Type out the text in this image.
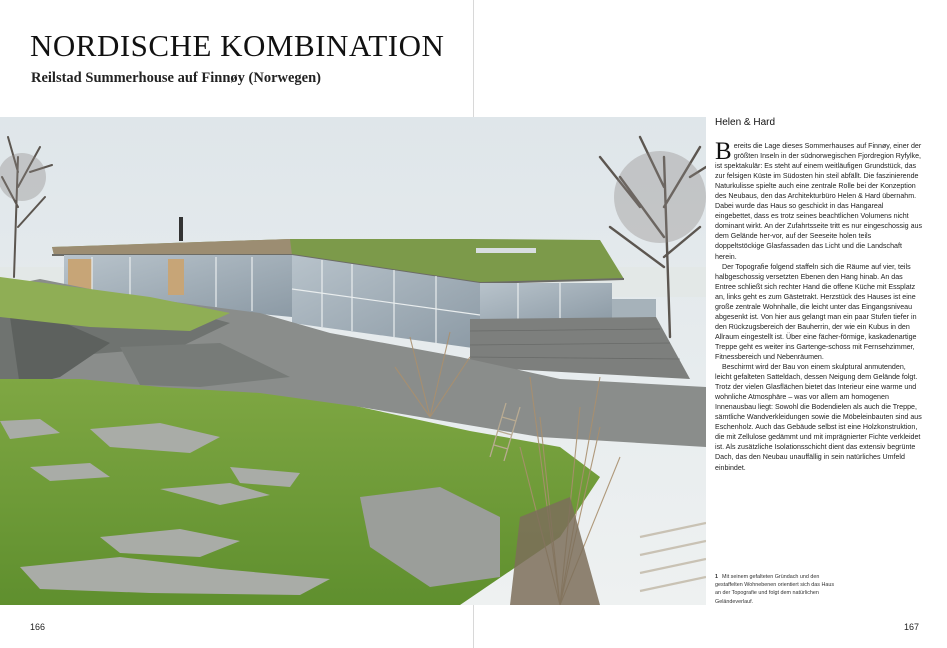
NORDISCHE KOMBINATION
Reilstad Summerhouse auf Finnøy (Norwegen)
166
Helen & Hard

Bereits die Lage dieses Sommerhauses auf Finnøy, einer der größten Inseln in der südnorwegischen Fjordregion Ryfylke, ist spektakulär: Es steht auf einem weitläufigen Grundstück, das zur felsigen Küste im Südosten hin steil abfällt. Die faszinierende Naturkulisse spielte auch eine zentrale Rolle bei der Konzeption des Neubaus, den das Architekturbüro Helen & Hard übernahm. Dabei wurde das Haus so geschickt in das Hangareal eingebettet, dass es trotz seines beachtlichen Volumens nicht dominant wirkt. An der Zufahrtsseite tritt es nur eingeschossig aus dem Gelände her-vor, auf der Seeseite holen teils doppeltstöckige Glasfassaden das Licht und die Landschaft herein.

Der Topografie folgend staffeln sich die Räume auf vier, teils halbgeschossig versetzten Ebenen den Hang hinab. An das Entree schließt sich rechter Hand die offene Küche mit Essplatz an, links geht es zum Gästetrakt. Herzstück des Hauses ist eine große zentrale Wohnhalle, die leicht unter das Eingangsniveau abgesenkt ist. Von hier aus gelangt man ein paar Stufen tiefer in den Rückzugsbereich der Bauherrin, der wie ein Kubus in den Allraum eingestellt ist. Über eine fächer-förmige, kaskadenartige Treppe geht es weiter ins Gartenge-schoss mit Fernsehzimmer, Fitnessbereich und Nebenräumen.

Beschirmt wird der Bau von einem skulptural anmutenden, leicht gefalteten Satteldach, dessen Neigung dem Gelände folgt. Trotz der vielen Glasflächen bietet das Interieur eine warme und wohnliche Atmosphäre – was vor allem am homogenen Innenausbau liegt: Sowohl die Bodendielen als auch die Treppe, sämtliche Wandverkleidungen sowie die Möbeleinbauten sind aus Eschenholz. Auch das Gebäude selbst ist eine Holzkonstruktion, die mit Zellulose gedämmt und mit imprägnierter Fichte verkleidet ist. Als zusätzliche Isolationsschicht dient das extensiv begrünte Dach, das den Neubau unauffällig in sein natürliches Umfeld einbindet.

1 Mit seinem gefalteten Gründach und den gestaffelten Wohnebenen orientiert sich das Haus an der Topografie und folgt dem natürlichen Geländeverlauf.
167
